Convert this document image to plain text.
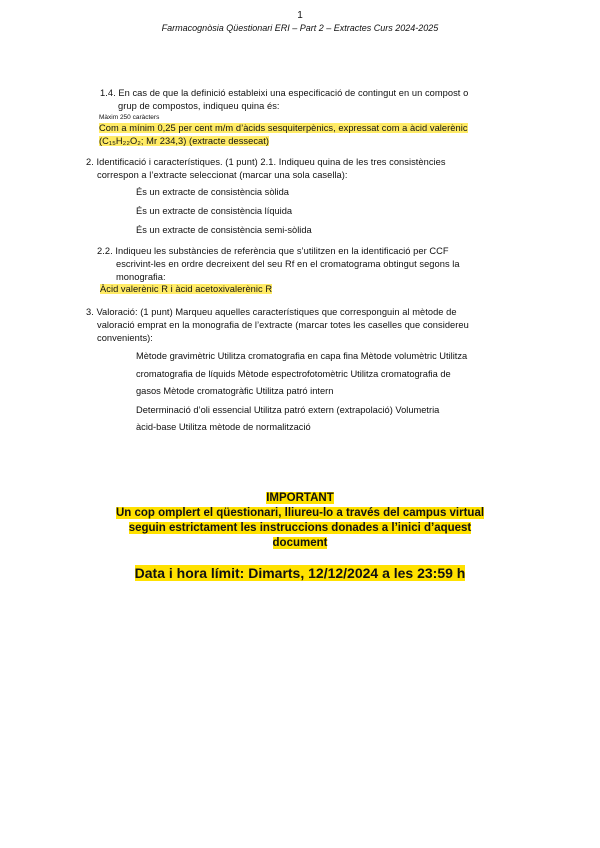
1
Farmacognòsia Qüestionari ERI – Part 2 – Extractes Curs 2024-2025
1.4. En cas de que la definició estableixi una especificació de contingut en un compost o
grup de compostos, indiqueu quina és:
Màxim 250 caràcters
Com a mínim 0,25 per cent m/m d’àcids sesquiterpènics, expressat com a àcid valerènic
(C₁₅H₂₂O₂; Mr 234,3) (extracte dessecat)
2. Identificació i característiques. (1 punt) 2.1. Indiqueu quina de les tres consistències
correspon a l’extracte seleccionat (marcar una sola casella):
És un extracte de consistència sòlida
És un extracte de consistència líquida
És un extracte de consistència semi-sòlida
2.2. Indiqueu les substàncies de referència que s’utilitzen en la identificació per CCF
escrivint-les en ordre decreixent del seu Rf en el cromatograma obtingut segons la
monografia:
Àcid valerènic R i àcid acetoxivalerènic R
3. Valoració: (1 punt) Marqueu aquelles característiques que corresponguin al mètode de
valoració emprat en la monografia de l’extracte (marcar totes les caselles que considereu
convenients):
Mètode gravimètric Utilitza cromatografia en capa fina Mètode volumètric Utilitza
cromatografia de líquids Mètode espectrofotomètric Utilitza cromatografia de
gasos Mètode cromatogràfic Utilitza patró intern
Determinació d’oli essencial Utilitza patró extern (extrapolació) Volumetria
àcid-base Utilitza mètode de normalització
IMPORTANT
Un cop omplert el qüestionari, lliureu-lo a través del campus virtual
seguin estrictament les instruccions donades a l’inici d’aquest
document
Data i hora límit: Dimarts, 12/12/2024 a les 23:59 h
